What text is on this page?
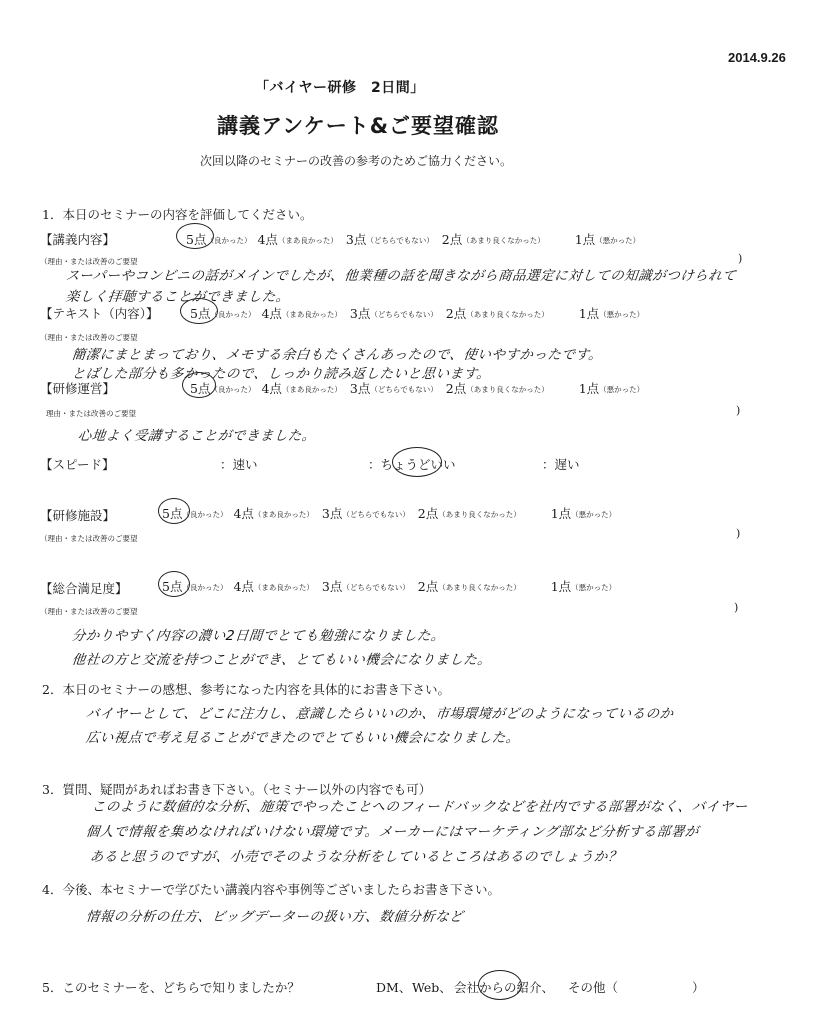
2014.9.26
「バイヤー研修　2日間」
講義アンケート&ご要望確認
次回以降のセミナーの改善の参考のためご協力ください。
1．本日のセミナーの内容を評価してください。
【講義内容】	5点（良かった） 4点（まあ良かった） 3点（どちらでもない） 2点（あまり良くなかった） 1点（悪かった）
（理由・または改善のご要望	)
スーパーやコンビニの話がメインでしたが、他業種の話を聞きながら商品選定に対しての知識がつけられて
楽しく拝聴することができました。
【テキスト（内容）】	5点（良かった） 4点（まあ良かった） 3点（どちらでもない） 2点（あまり良くなかった） 1点（悪かった）
（理由・または改善のご要望
簡潔にまとまっており、メモする余白もたくさんあったので、使いやすかったです。
とばした部分も多かったので、しっかり読み返したいと思います。
【研修運営】	5点（良かった） 4点（まあ良かった） 3点（どちらでもない） 2点（あまり良くなかった） 1点（悪かった）
理由・または改善のご要望	)
心地よく受講することができました。
【スピード】	：速い	：ちょうどいい	：遅い
【研修施設】	5点（良かった） 4点（まあ良かった） 3点（どちらでもない） 2点（あまり良くなかった） 1点（悪かった）
（理由・または改善のご要望	)
【総合満足度】	5点（良かった） 4点（まあ良かった） 3点（どちらでもない） 2点（あまり良くなかった） 1点（悪かった）
（理由・または改善のご要望	)
分かりやすく内容の濃い2日間でとても勉強になりました。
他社の方と交流を持つことができ、とてもいい機会になりました。
2．本日のセミナーの感想、参考になった内容を具体的にお書き下さい。
バイヤーとして、どこに注力し、意識したらいいのか、市場環境がどのようになっているのか
広い視点で考え見ることができたのでとてもいい機会になりました。
3．質問、疑問があればお書き下さい。（セミナー以外の内容でも可）
このように数値的な分析、施策でやったことへのフィードバックなどを社内でする部署がなく、バイヤー
個人で情報を集めなければいけない環境です。メーカーにはマーケティング部など分析する部署が
あると思うのですが、小売でそのような分析をしているところはあるのでしょうか？
4．今後、本セミナーで学びたい講義内容や事例等ございましたらお書き下さい。
情報の分析の仕方、ビッグデーターの扱い方、数値分析など
5．このセミナーを、どちらで知りましたか？	DM、 Web、 会社からの紹介、 その他（	）
